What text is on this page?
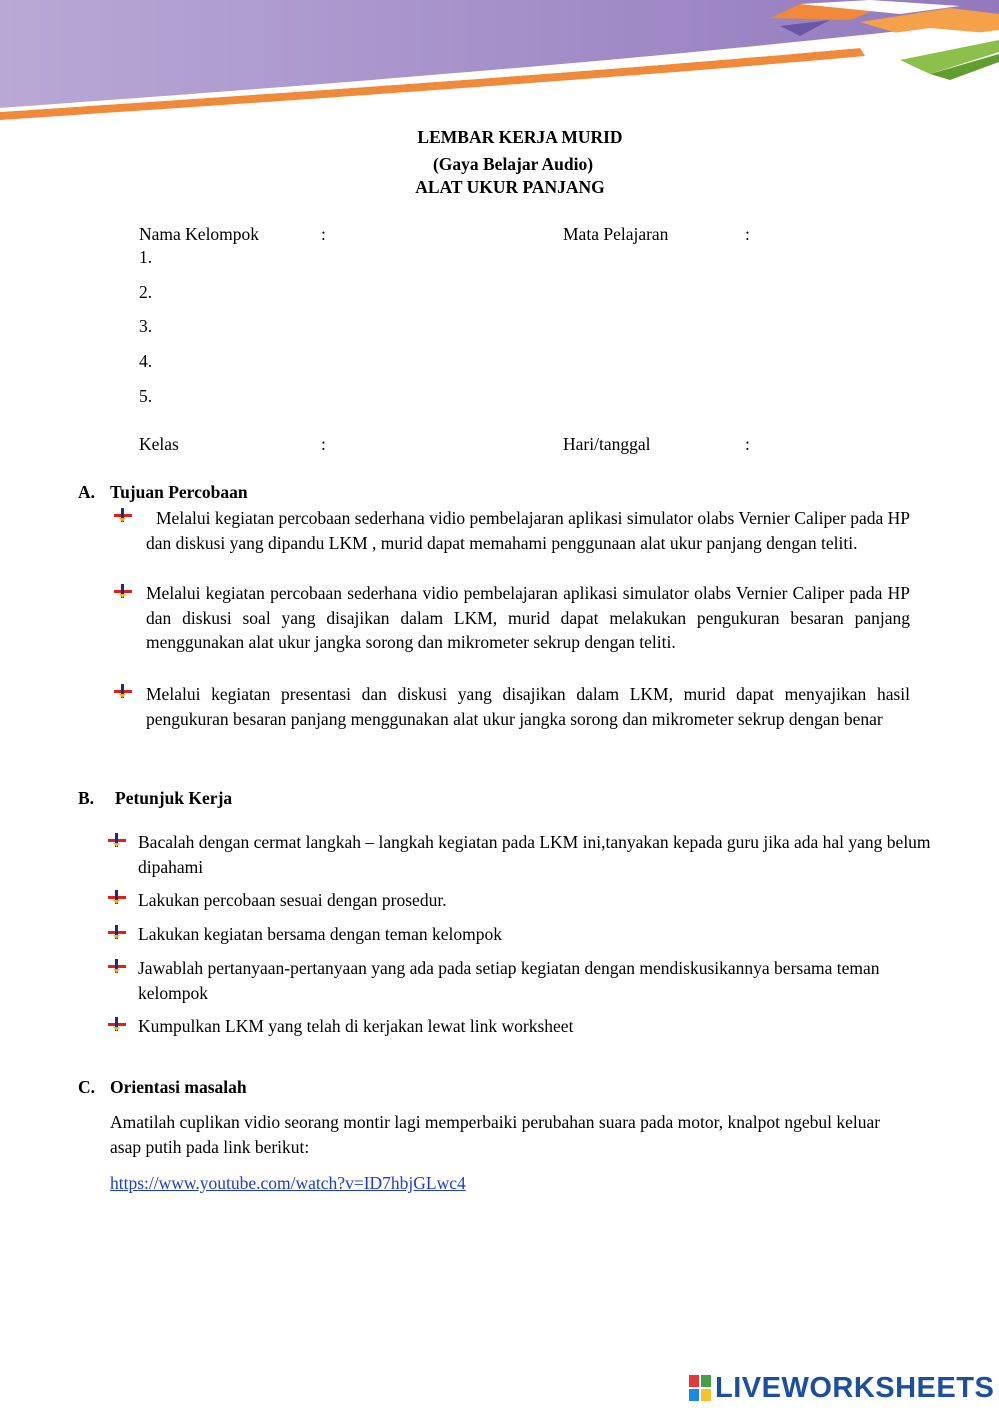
LEMBAR KERJA MURID
(Gaya Belajar Audio)
ALAT UKUR PANJANG
Nama Kelompok	:	Mata Pelajaran	:
1.
2.
3.
4.
5.
Kelas	:	Hari/tanggal	:
A. Tujuan Percobaan
Melalui kegiatan percobaan sederhana vidio pembelajaran aplikasi simulator olabs Vernier Caliper pada HP dan diskusi yang dipandu LKM , murid dapat memahami penggunaan alat ukur panjang dengan teliti.
Melalui kegiatan percobaan sederhana vidio pembelajaran aplikasi simulator olabs Vernier Caliper pada HP dan diskusi soal yang disajikan dalam LKM, murid dapat melakukan pengukuran besaran panjang menggunakan alat ukur jangka sorong dan mikrometer sekrup dengan teliti.
Melalui kegiatan presentasi dan diskusi yang disajikan dalam LKM, murid dapat menyajikan hasil pengukuran besaran panjang menggunakan alat ukur jangka sorong dan mikrometer sekrup dengan benar
B. Petunjuk Kerja
Bacalah dengan cermat langkah – langkah kegiatan pada LKM ini,tanyakan kepada guru jika ada hal yang belum dipahami
Lakukan percobaan sesuai dengan prosedur.
Lakukan kegiatan bersama dengan teman kelompok
Jawablah pertanyaan-pertanyaan yang ada pada setiap kegiatan dengan mendiskusikannya bersama teman kelompok
Kumpulkan LKM yang telah di kerjakan lewat link worksheet
C. Orientasi masalah
Amatilah cuplikan vidio seorang montir lagi memperbaiki perubahan suara pada motor, knalpot ngebul keluar asap putih pada link berikut:
https://www.youtube.com/watch?v=ID7hbjGLwc4
LIVEWORKSHEETS
